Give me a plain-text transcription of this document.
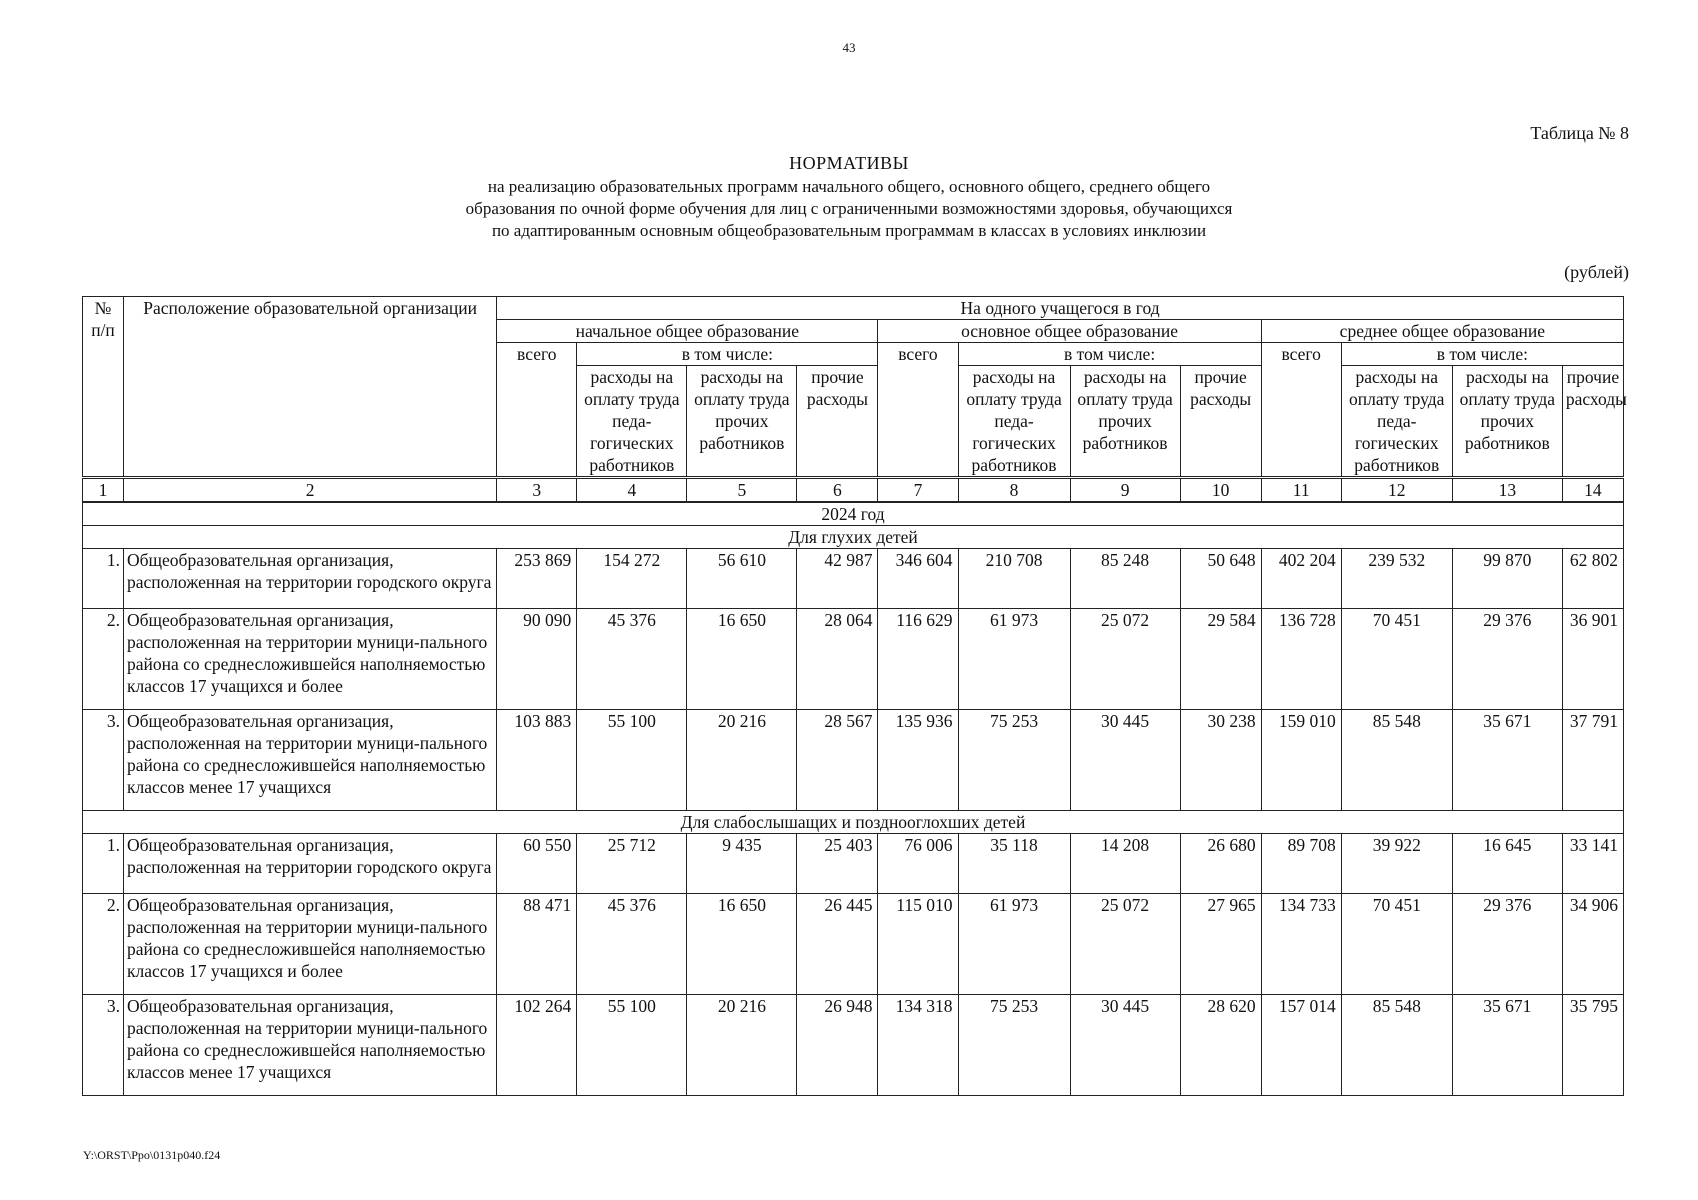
43
Таблица № 8
НОРМАТИВЫ
на реализацию образовательных программ начального общего, основного общего, среднего общего
образования по очной форме обучения для лиц с ограниченными возможностями здоровья, обучающихся
по адаптированным основным общеобразовательным программам в классах в условиях инклюзии
(рублей)
№ п/п	Расположение образовательной организации	На одного учащегося в год											
		начальное общее образование				основное общее образование				среднее общее образование			
		всего	в том числе:			всего	в том числе:			всего	в том числе:		
			расходы на оплату труда педа-гогических работников	расходы на оплату труда прочих работников	прочие расходы		расходы на оплату труда педа-гогических работников	расходы на оплату труда прочих работников	прочие расходы		расходы на оплату труда педа-гогических работников	расходы на оплату труда прочих работников	прочие расходы
1	2	3	4	5	6	7	8	9	10	11	12	13	14
2024 год													
Для глухих детей													
1.	Общеобразовательная организация, расположенная на территории городского округа	253 869	154 272	56 610	42 987	346 604	210 708	85 248	50 648	402 204	239 532	99 870	62 802
2.	Общеобразовательная организация, расположенная на территории муници-пального района со среднесложившейся наполняемостью классов 17 учащихся и более	90 090	45 376	16 650	28 064	116 629	61 973	25 072	29 584	136 728	70 451	29 376	36 901
3.	Общеобразовательная организация, расположенная на территории муници-пального района со среднесложившейся наполняемостью классов менее 17 учащихся	103 883	55 100	20 216	28 567	135 936	75 253	30 445	30 238	159 010	85 548	35 671	37 791
Для слабослышащих и позднооглохших детей													
1.	Общеобразовательная организация, расположенная на территории городского округа	60 550	25 712	9 435	25 403	76 006	35 118	14 208	26 680	89 708	39 922	16 645	33 141
2.	Общеобразовательная организация, расположенная на территории муници-пального района со среднесложившейся наполняемостью классов 17 учащихся и более	88 471	45 376	16 650	26 445	115 010	61 973	25 072	27 965	134 733	70 451	29 376	34 906
3.	Общеобразовательная организация, расположенная на территории муници-пального района со среднесложившейся наполняемостью классов менее 17 учащихся	102 264	55 100	20 216	26 948	134 318	75 253	30 445	28 620	157 014	85 548	35 671	35 795
Y:\ORST\Ppo\0131p040.f24
